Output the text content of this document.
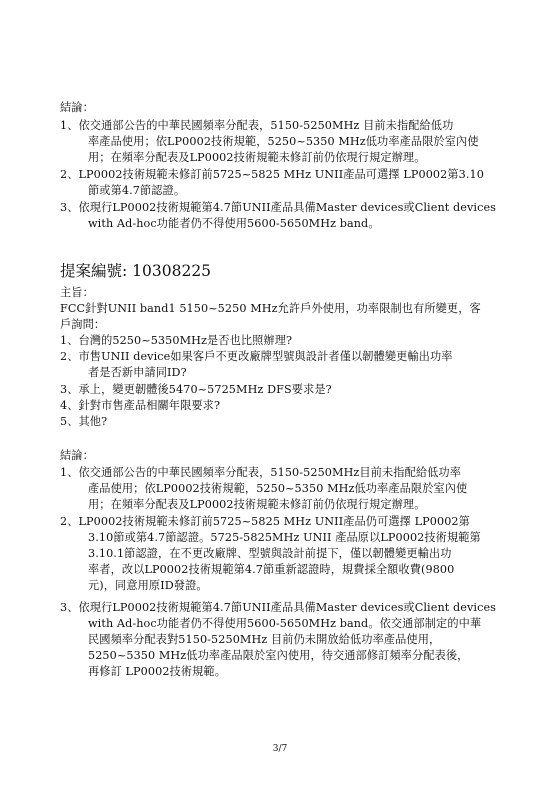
結論：
1、依交通部公告的中華民國頻率分配表，5150-5250MHz 目前未指配給低功
率產品使用；依LP0002技術規範，5250~5350 MHz低功率產品限於室內使
用；在頻率分配表及LP0002技術規範未修訂前仍依現行規定辦理。
2、LP0002技術規範未修訂前5725~5825 MHz UNII產品可選擇 LP0002第3.10
節或第4.7節認證。
3、依現行LP0002技術規範第4.7節UNII產品具備Master devices或Client devices
with Ad-hoc功能者仍不得使用5600-5650MHz band。
提案編號: 10308225
主旨：
FCC針對UNII band1 5150~5250 MHz允許戶外使用，功率限制也有所變更，客
戶詢問：
1、台灣的5250~5350MHz是否也比照辦理?
2、市售UNII device如果客戶不更改廠牌型號與設計者僅以韌體變更輸出功率
者是否新申請同ID?
3、承上，變更韌體後5470~5725MHz DFS要求是?
4、針對市售產品相關年限要求?
5、其他?
結論：
1、依交通部公告的中華民國頻率分配表，5150-5250MHz目前未指配給低功率
產品使用；依LP0002技術規範，5250~5350 MHz低功率產品限於室內使
用；在頻率分配表及LP0002技術規範未修訂前仍依現行規定辦理。
2、LP0002技術規範未修訂前5725~5825 MHz UNII產品仍可選擇 LP0002第
3.10節或第4.7節認證。5725-5825MHz UNII 產品原以LP0002技術規範第
3.10.1節認證，在不更改廠牌、型號與設計前提下，僅以韌體變更輸出功
率者，改以LP0002技術規範第4.7節重新認證時，規費採全額收費(9800
元)，同意用原ID發證。
3、依現行LP0002技術規範第4.7節UNII產品具備Master devices或Client devices
with Ad-hoc功能者仍不得使用5600-5650MHz band。依交通部制定的中華
民國頻率分配表對5150-5250MHz 目前仍未開放給低功率產品使用，
5250~5350 MHz低功率產品限於室內使用，待交通部修訂頻率分配表後，
再修訂 LP0002技術規範。
3/7
